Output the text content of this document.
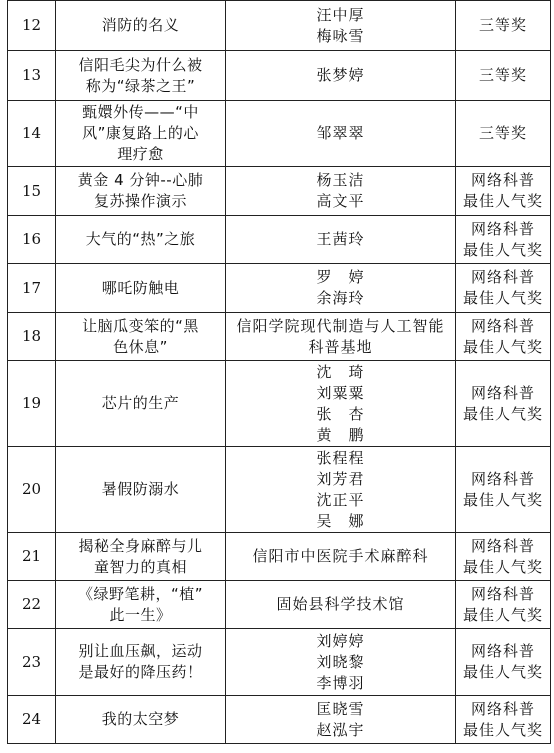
12	消防的名义	汪中厚
梅咏雪	三等奖

13	信阳毛尖为什么被
称为“绿茶之王”	张梦婷	三等奖

14	甄嬛外传——“中
风”康复路上的心
理疗愈	邹翠翠	三等奖

15	黄金 4 分钟--心肺
复苏操作演示	杨玉洁
高文平	网络科普
最佳人气奖

16	大气的“热”之旅	王茜玲	网络科普
最佳人气奖

17	哪吒防触电	罗　婷
余海玲	网络科普
最佳人气奖

18	让脑瓜变笨的“黑
色休息”	信阳学院现代制造与人工智能
科普基地	网络科普
最佳人气奖

19	芯片的生产	沈　琦
刘粟粟
张　杏
黄　鹏	网络科普
最佳人气奖

20	暑假防溺水	张程程
刘芳君
沈正平
吴　娜	网络科普
最佳人气奖

21	揭秘全身麻醉与儿
童智力的真相	信阳市中医院手术麻醉科	网络科普
最佳人气奖

22	《绿野笔耕，“植”
此一生》	固始县科学技术馆	网络科普
最佳人气奖

23	别让血压飙，运动
是最好的降压药！	刘婷婷
刘晓黎
李博羽	网络科普
最佳人气奖

24	我的太空梦	匡晓雪
赵泓宇	网络科普
最佳人气奖
